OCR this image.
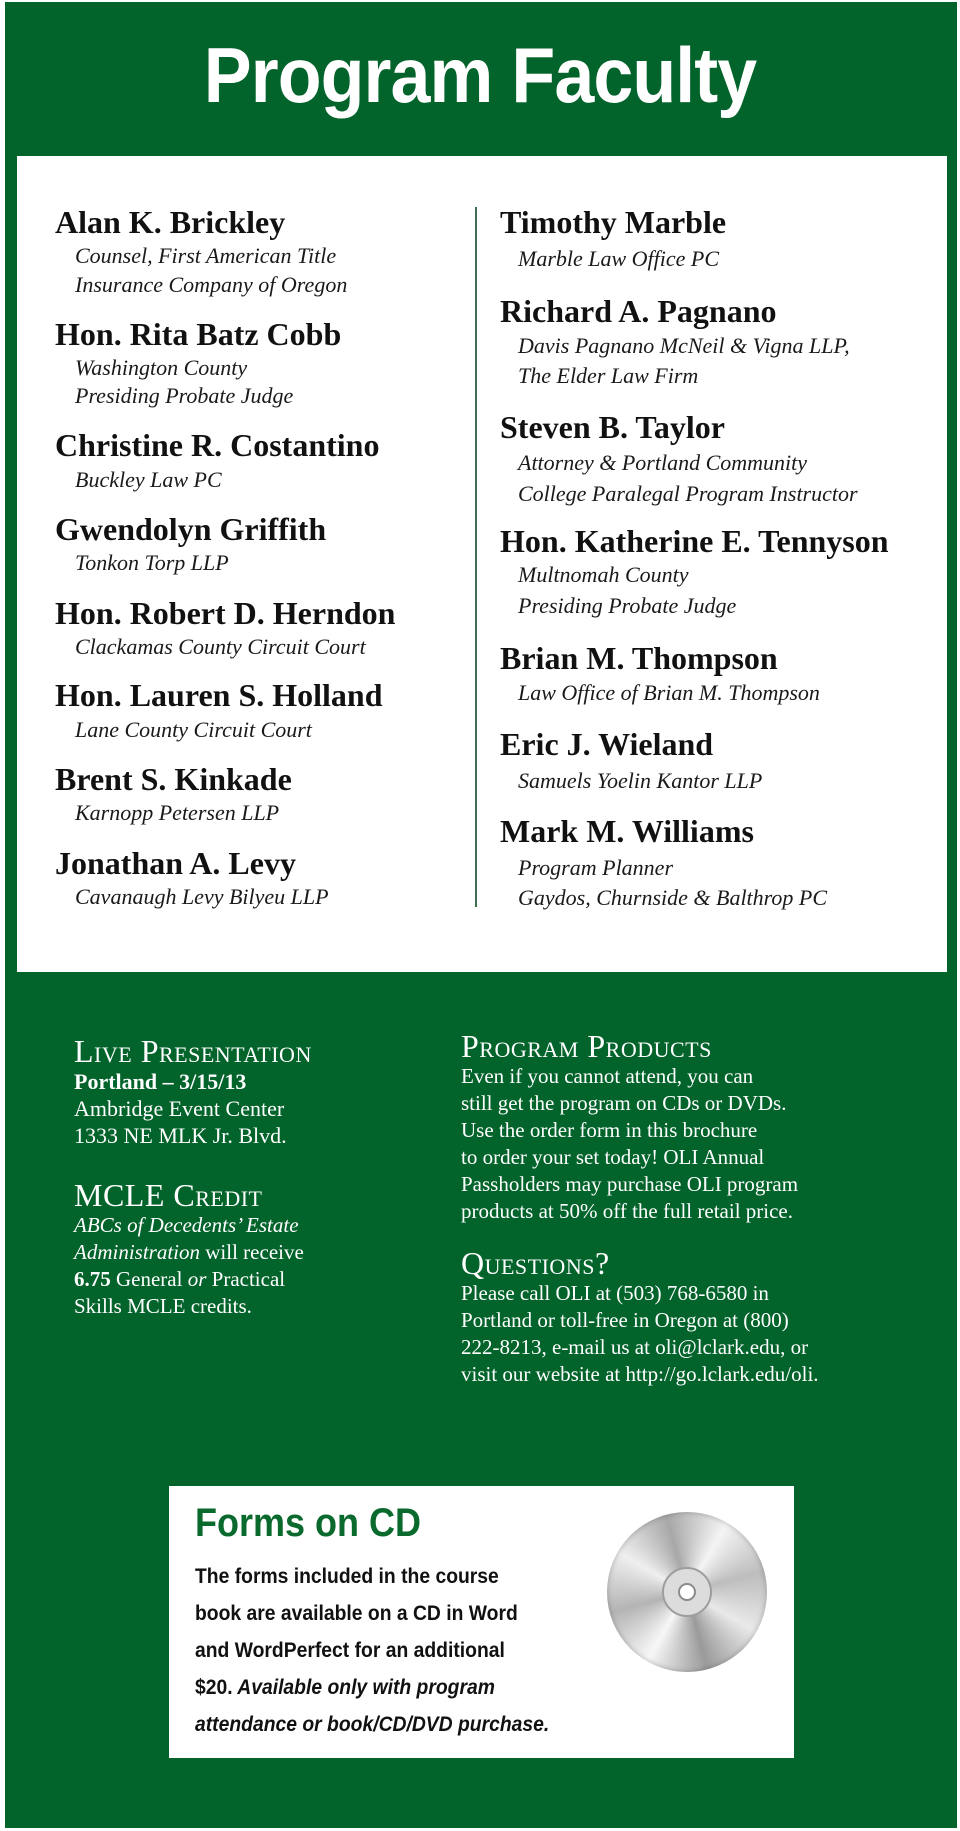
Program Faculty
Alan K. Brickley
Counsel, First American Title
Insurance Company of Oregon
Hon. Rita Batz Cobb
Washington County
Presiding Probate Judge
Christine R. Costantino
Buckley Law PC
Gwendolyn Griffith
Tonkon Torp LLP
Hon. Robert D. Herndon
Clackamas County Circuit Court
Hon. Lauren S. Holland
Lane County Circuit Court
Brent S. Kinkade
Karnopp Petersen LLP
Jonathan A. Levy
Cavanaugh Levy Bilyeu LLP
Timothy Marble
Marble Law Office PC
Richard A. Pagnano
Davis Pagnano McNeil & Vigna LLP,
The Elder Law Firm
Steven B. Taylor
Attorney & Portland Community
College Paralegal Program Instructor
Hon. Katherine E. Tennyson
Multnomah County
Presiding Probate Judge
Brian M. Thompson
Law Office of Brian M. Thompson
Eric J. Wieland
Samuels Yoelin Kantor LLP
Mark M. Williams
Program Planner
Gaydos, Churnside & Balthrop PC
Live Presentation
Portland – 3/15/13
Ambridge Event Center
1333 NE MLK Jr. Blvd.
MCLE Credit
ABCs of Decedents’ Estate
Administration will receive
6.75 General or Practical
Skills MCLE credits.
Program Products
Even if you cannot attend, you can
still get the program on CDs or DVDs.
Use the order form in this brochure
to order your set today! OLI Annual
Passholders may purchase OLI program
products at 50% off the full retail price.
Questions?
Please call OLI at (503) 768-6580 in
Portland or toll-free in Oregon at (800)
222-8213, e-mail us at oli@lclark.edu, or
visit our website at http://go.lclark.edu/oli.
Forms on CD
The forms included in the course
book are available on a CD in Word
and WordPerfect for an additional
$20. Available only with program
attendance or book/CD/DVD purchase.
